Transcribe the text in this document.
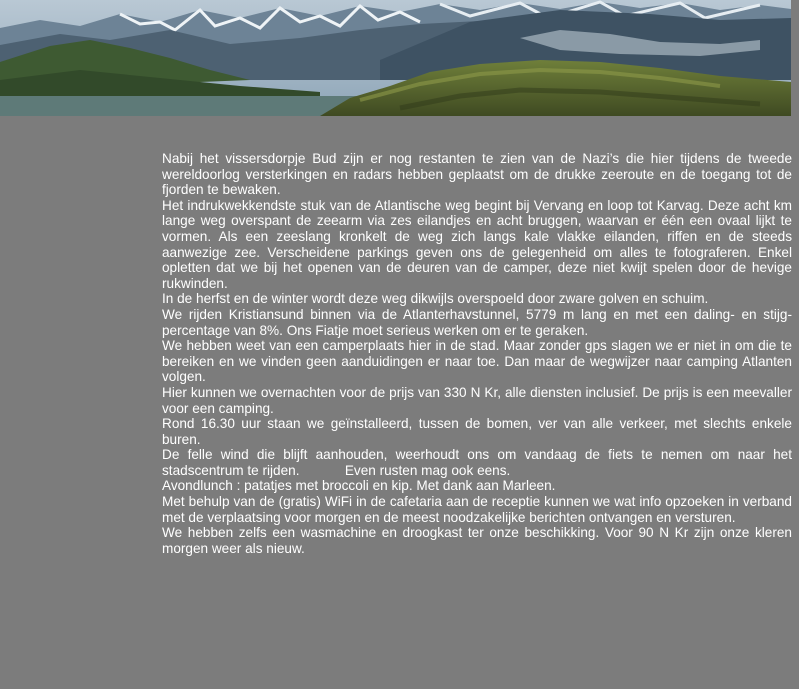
Nabij het vissersdorpje Bud zijn er nog restanten te zien van de Nazi’s die hier tijdens de tweede wereldoorlog versterkingen en radars hebben geplaatst om de drukke zeeroute en de toegang tot de fjorden te bewaken.

Het indrukwekkendste stuk van de Atlantische weg begint bij Vervang en loop tot Karvag. Deze acht km lange weg overspant de zeearm via zes eilandjes en acht bruggen, waarvan er één een ovaal lijkt te vormen. Als een zeeslang kronkelt de weg zich langs kale vlakke eilanden, riffen en de steeds aanwezige zee. Verscheidene parkings geven ons de gelegenheid om alles te fotograferen. Enkel opletten dat we bij het openen van de deuren van de camper, deze niet kwijt spelen door de hevige rukwinden.

In de herfst en de winter wordt deze weg dikwijls overspoeld door zware golven en schuim.

We rijden Kristiansund binnen via de Atlanterhavstunnel, 5779 m lang en met een daling- en stijg-percentage van 8%. Ons Fiatje moet serieus werken om er te geraken.

We hebben weet van een camperplaats hier in de stad. Maar zonder gps slagen we er niet in om die te bereiken en we vinden geen aanduidingen er naar toe. Dan maar de wegwijzer naar camping Atlanten volgen.

Hier kunnen we overnachten voor de prijs van 330 N Kr, alle diensten inclusief. De prijs is een meevaller voor een camping.

Rond 16.30 uur staan we geïnstalleerd, tussen de bomen, ver van alle verkeer, met slechts enkele buren.

De felle wind die blijft aanhouden, weerhoudt ons om vandaag de fiets te nemen om naar het stadscentrum te rijden.            Even rusten mag ook eens.

Avondlunch : patatjes met broccoli en kip. Met dank aan Marleen.

Met behulp van de (gratis) WiFi in de cafetaria aan de receptie kunnen we wat info opzoeken in verband met de verplaatsing voor morgen en de meest noodzakelijke berichten ontvangen en versturen.

We hebben zelfs een wasmachine en droogkast ter onze beschikking. Voor 90 N Kr zijn onze kleren morgen weer als nieuw.
